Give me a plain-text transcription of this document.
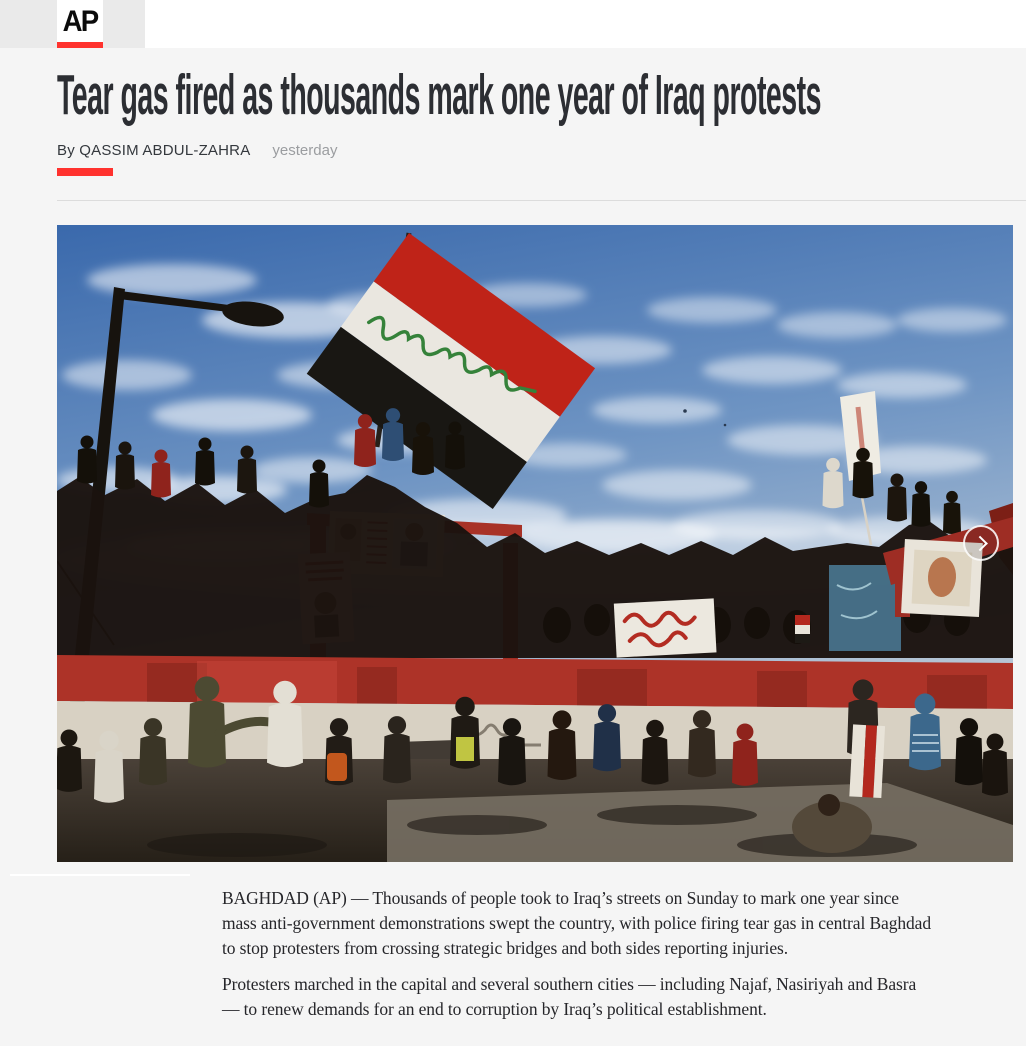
AP
Tear gas fired as thousands mark one year of Iraq protests
By QASSIM ABDUL-ZAHRA yesterday

BAGHDAD (AP) — Thousands of people took to Iraq’s streets on Sunday to mark one year since mass anti-government demonstrations swept the country, with police firing tear gas in central Baghdad to stop protesters from crossing strategic bridges and both sides reporting injuries.

Protesters marched in the capital and several southern cities — including Najaf, Nasiriyah and Basra — to renew demands for an end to corruption by Iraq’s political establishment.
